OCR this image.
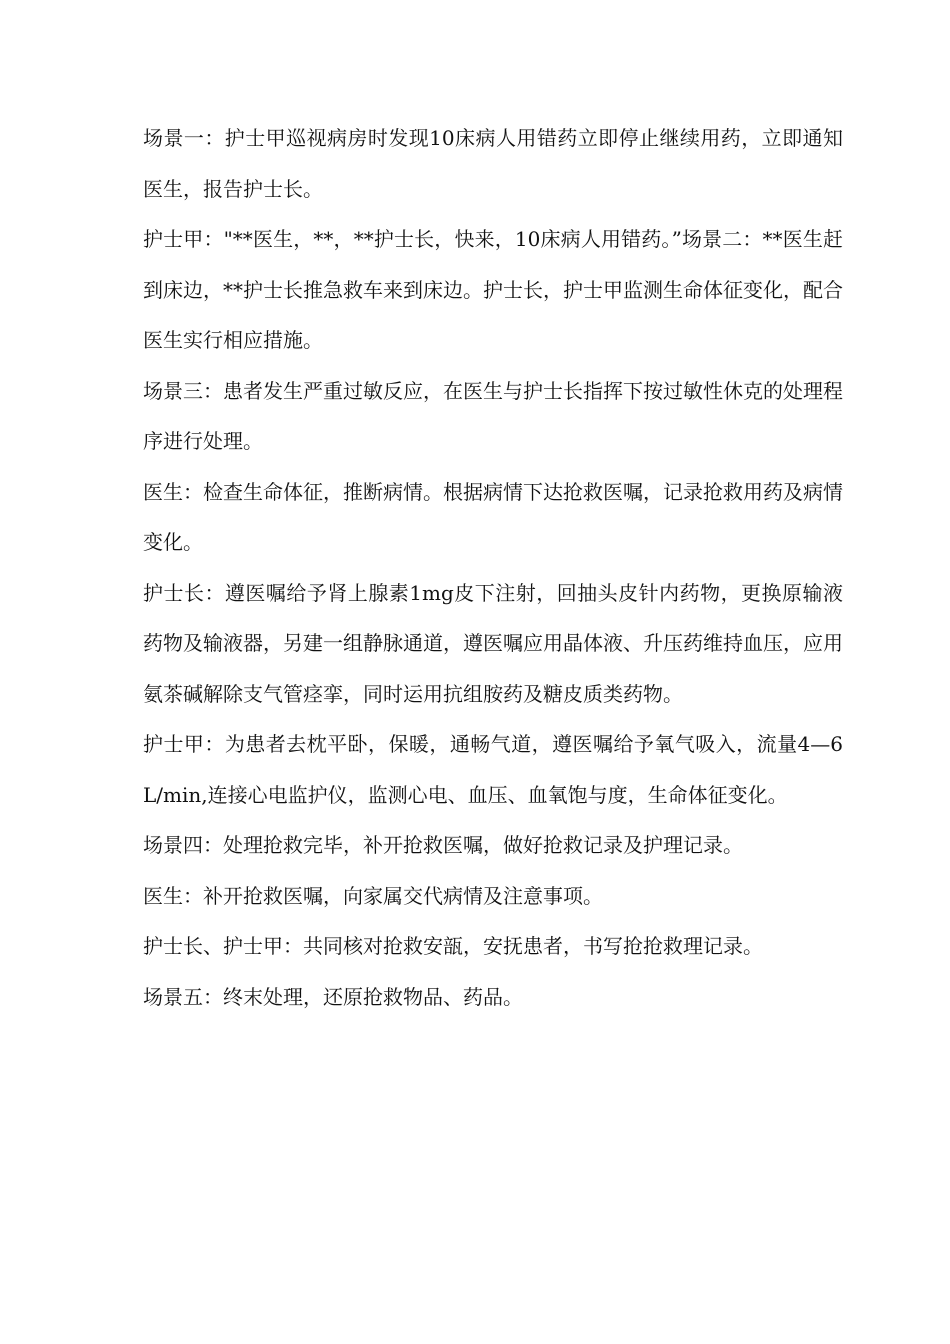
场景一：护士甲巡视病房时发现10床病人用错药立即停止继续用药，立即通知医生，报告护士长。

护士甲："**医生，**，**护士长，快来，10床病人用错药。”场景二：**医生赶到床边，**护士长推急救车来到床边。护士长，护士甲监测生命体征变化，配合医生实行相应措施。

场景三：患者发生严重过敏反应，在医生与护士长指挥下按过敏性休克的处理程序进行处理。

医生：检查生命体征，推断病情。根据病情下达抢救医嘱，记录抢救用药及病情变化。

护士长：遵医嘱给予肾上腺素1mg皮下注射，回抽头皮针内药物，更换原输液药物及输液器，另建一组静脉通道，遵医嘱应用晶体液、升压药维持血压，应用氨茶碱解除支气管痉挛，同时运用抗组胺药及糖皮质类药物。

护士甲：为患者去枕平卧，保暖，通畅气道，遵医嘱给予氧气吸入，流量4—6L/min,连接心电监护仪，监测心电、血压、血氧饱与度，生命体征变化。

场景四：处理抢救完毕，补开抢救医嘱，做好抢救记录及护理记录。

医生：补开抢救医嘱，向家属交代病情及注意事项。

护士长、护士甲：共同核对抢救安瓿，安抚患者，书写抢抢救理记录。

场景五：终末处理，还原抢救物品、药品。
